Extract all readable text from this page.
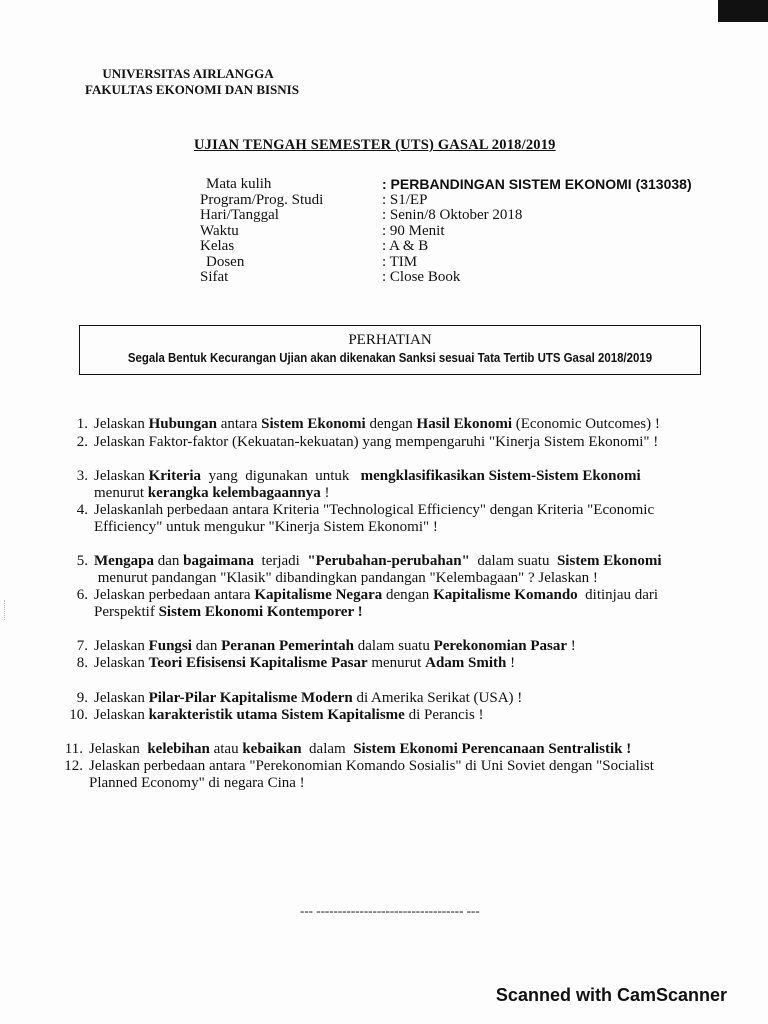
UNIVERSITAS AIRLANGGA
FAKULTAS EKONOMI DAN BISNIS
UJIAN TENGAH SEMESTER (UTS) GASAL 2018/2019
Mata kulih	: PERBANDINGAN SISTEM EKONOMI (313038)
Program/Prog. Studi	: S1/EP
Hari/Tanggal	: Senin/8 Oktober 2018
Waktu	: 90 Menit
Kelas	: A & B
Dosen	: TIM
Sifat	: Close Book
PERHATIAN
Segala Bentuk Kecurangan Ujian akan dikenakan Sanksi sesuai Tata Tertib UTS Gasal 2018/2019
1. Jelaskan Hubungan antara Sistem Ekonomi dengan Hasil Ekonomi (Economic Outcomes) !
2. Jelaskan Faktor-faktor (Kekuatan-kekuatan) yang mempengaruhi "Kinerja Sistem Ekonomi" !
3. Jelaskan Kriteria  yang  digunakan  untuk   mengklasifikasikan Sistem-Sistem Ekonomi
menurut kerangka kelembagaannya !
4. Jelaskanlah perbedaan antara Kriteria "Technological Efficiency" dengan Kriteria "Economic Efficiency" untuk mengukur "Kinerja Sistem Ekonomi" !
5. Mengapa dan bagaimana  terjadi  "Perubahan-perubahan"  dalam suatu  Sistem Ekonomi
menurut pandangan "Klasik" dibandingkan pandangan "Kelembagaan" ? Jelaskan !
6. Jelaskan perbedaan antara Kapitalisme Negara dengan Kapitalisme Komando  ditinjau dari
Perspektif Sistem Ekonomi Kontemporer !
7. Jelaskan Fungsi dan Peranan Pemerintah dalam suatu Perekonomian Pasar !
8. Jelaskan Teori Efisisensi Kapitalisme Pasar menurut Adam Smith !
9. Jelaskan Pilar-Pilar Kapitalisme Modern di Amerika Serikat (USA) !
10. Jelaskan karakteristik utama Sistem Kapitalisme di Perancis !
11. Jelaskan  kelebihan atau kebaikan  dalam  Sistem Ekonomi Perencanaan Sentralistik !
12. Jelaskan perbedaan antara "Perekonomian Komando Sosialis" di Uni Soviet dengan "Socialist
Planned Economy" di negara Cina !
--- ---------------------------------- ---
Scanned with CamScanner
